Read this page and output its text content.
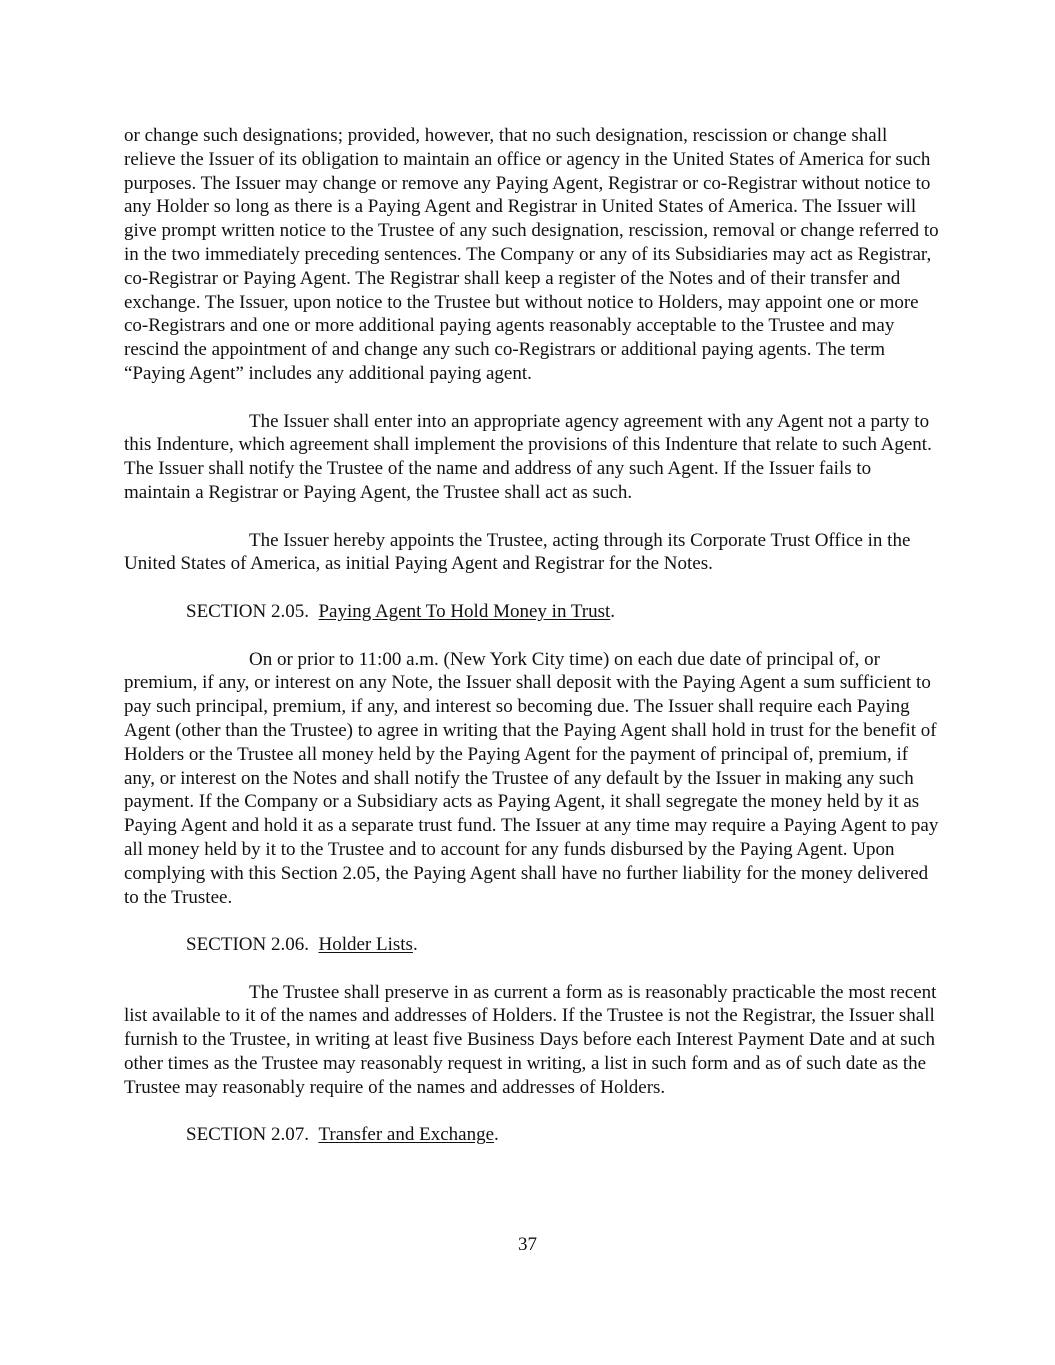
or change such designations; provided, however, that no such designation, rescission or change shall relieve the Issuer of its obligation to maintain an office or agency in the United States of America for such purposes. The Issuer may change or remove any Paying Agent, Registrar or co-Registrar without notice to any Holder so long as there is a Paying Agent and Registrar in United States of America. The Issuer will give prompt written notice to the Trustee of any such designation, rescission, removal or change referred to in the two immediately preceding sentences. The Company or any of its Subsidiaries may act as Registrar, co-Registrar or Paying Agent. The Registrar shall keep a register of the Notes and of their transfer and exchange. The Issuer, upon notice to the Trustee but without notice to Holders, may appoint one or more co-Registrars and one or more additional paying agents reasonably acceptable to the Trustee and may rescind the appointment of and change any such co-Registrars or additional paying agents. The term “Paying Agent” includes any additional paying agent.

The Issuer shall enter into an appropriate agency agreement with any Agent not a party to this Indenture, which agreement shall implement the provisions of this Indenture that relate to such Agent. The Issuer shall notify the Trustee of the name and address of any such Agent. If the Issuer fails to maintain a Registrar or Paying Agent, the Trustee shall act as such.

The Issuer hereby appoints the Trustee, acting through its Corporate Trust Office in the United States of America, as initial Paying Agent and Registrar for the Notes.

SECTION 2.05. Paying Agent To Hold Money in Trust.

On or prior to 11:00 a.m. (New York City time) on each due date of principal of, or premium, if any, or interest on any Note, the Issuer shall deposit with the Paying Agent a sum sufficient to pay such principal, premium, if any, and interest so becoming due. The Issuer shall require each Paying Agent (other than the Trustee) to agree in writing that the Paying Agent shall hold in trust for the benefit of Holders or the Trustee all money held by the Paying Agent for the payment of principal of, premium, if any, or interest on the Notes and shall notify the Trustee of any default by the Issuer in making any such payment. If the Company or a Subsidiary acts as Paying Agent, it shall segregate the money held by it as Paying Agent and hold it as a separate trust fund. The Issuer at any time may require a Paying Agent to pay all money held by it to the Trustee and to account for any funds disbursed by the Paying Agent. Upon complying with this Section 2.05, the Paying Agent shall have no further liability for the money delivered to the Trustee.

SECTION 2.06. Holder Lists.

The Trustee shall preserve in as current a form as is reasonably practicable the most recent list available to it of the names and addresses of Holders. If the Trustee is not the Registrar, the Issuer shall furnish to the Trustee, in writing at least five Business Days before each Interest Payment Date and at such other times as the Trustee may reasonably request in writing, a list in such form and as of such date as the Trustee may reasonably require of the names and addresses of Holders.

SECTION 2.07. Transfer and Exchange.

37
